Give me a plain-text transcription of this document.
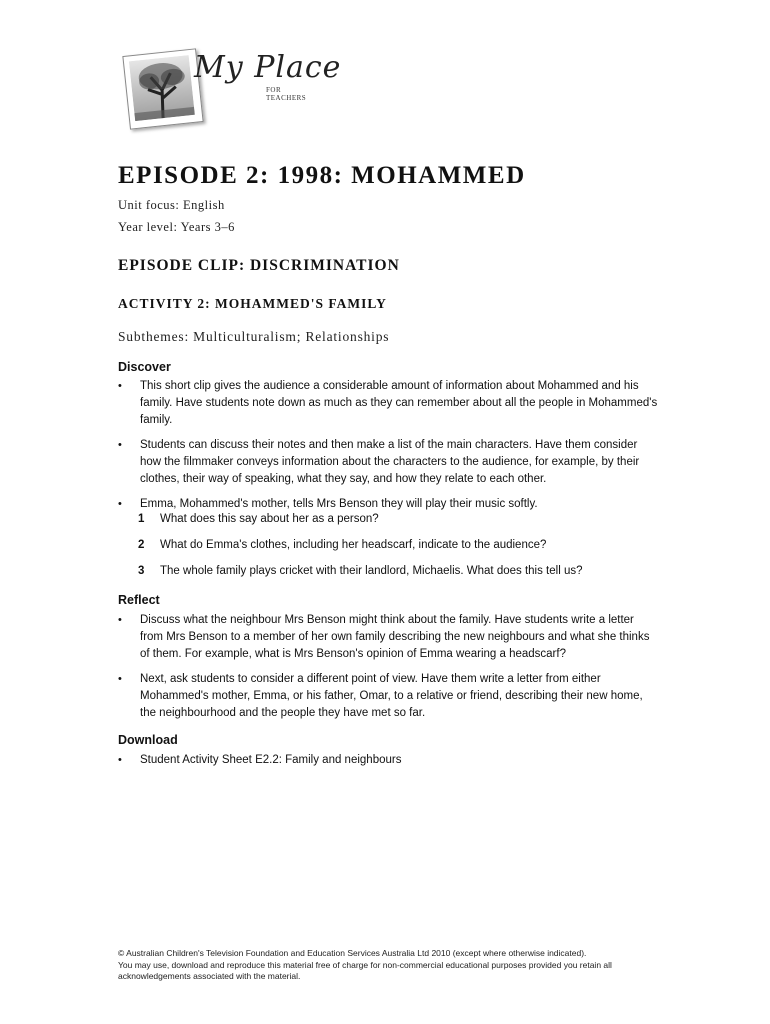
My Place
FOR TEACHERS
EPISODE 2: 1998: MOHAMMED
Unit focus: English
Year level: Years 3–6
EPISODE CLIP: DISCRIMINATION
ACTIVITY 2: MOHAMMED'S FAMILY
Subthemes: Multiculturalism; Relationships
Discover
• This short clip gives the audience a considerable amount of information about Mohammed and his family. Have students note down as much as they can remember about all the people in Mohammed's family.
• Students can discuss their notes and then make a list of the main characters. Have them consider how the filmmaker conveys information about the characters to the audience, for example, by their clothes, their way of speaking, what they say, and how they relate to each other.
• Emma, Mohammed's mother, tells Mrs Benson they will play their music softly.
1 What does this say about her as a person?
2 What do Emma's clothes, including her headscarf, indicate to the audience?
3 The whole family plays cricket with their landlord, Michaelis. What does this tell us?
Reflect
• Discuss what the neighbour Mrs Benson might think about the family. Have students write a letter from Mrs Benson to a member of her own family describing the new neighbours and what she thinks of them. For example, what is Mrs Benson's opinion of Emma wearing a headscarf?
• Next, ask students to consider a different point of view. Have them write a letter from either Mohammed's mother, Emma, or his father, Omar, to a relative or friend, describing their new home, the neighbourhood and the people they have met so far.
Download
• Student Activity Sheet E2.2: Family and neighbours
© Australian Children's Television Foundation and Education Services Australia Ltd 2010 (except where otherwise indicated).
You may use, download and reproduce this material free of charge for non-commercial educational purposes provided you retain all acknowledgements associated with the material.
